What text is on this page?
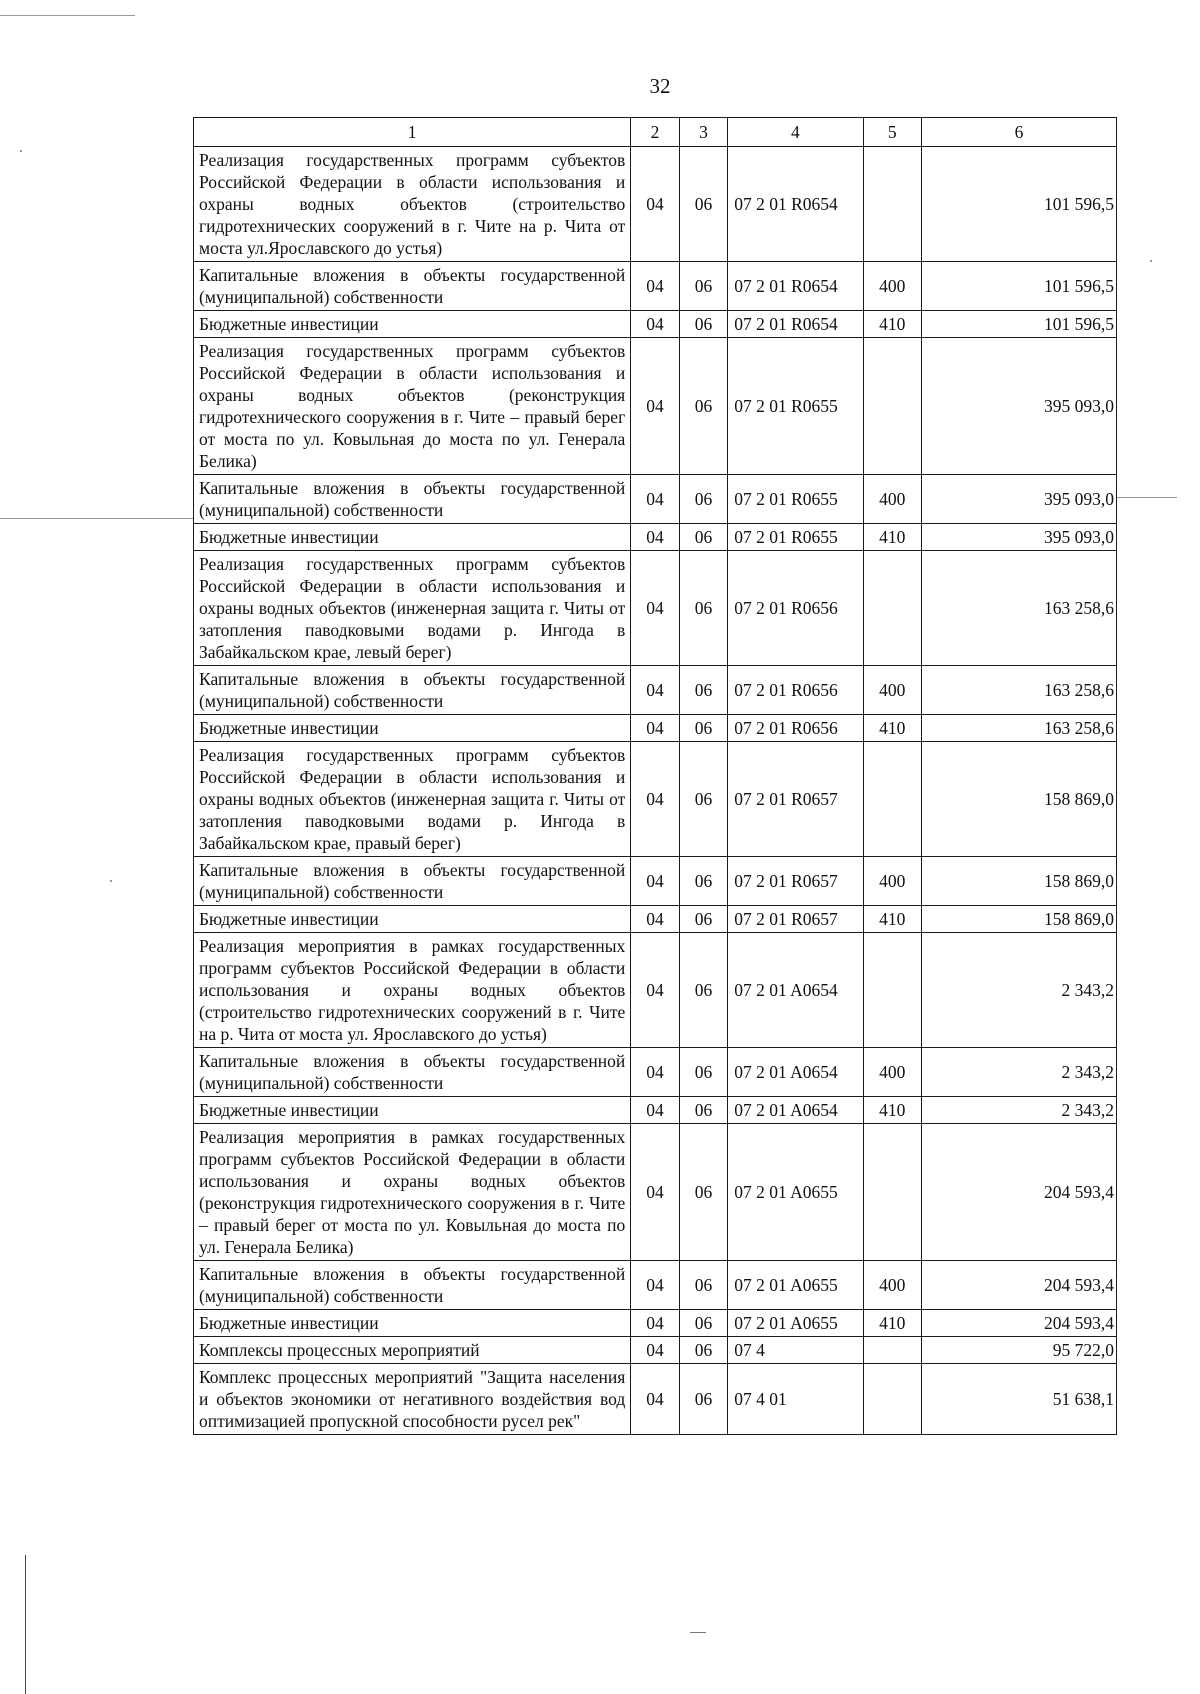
32
1	2	3	4	5	6
Реализация государственных программ субъектов Российской Федерации в области использования и охраны водных объектов (строительство гидротехнических сооружений в г. Чите на р. Чита от моста ул.Ярославского до устья)	04	06	07 2 01 R0654		101 596,5
Капитальные вложения в объекты государственной (муниципальной) собственности	04	06	07 2 01 R0654	400	101 596,5
Бюджетные инвестиции	04	06	07 2 01 R0654	410	101 596,5
Реализация государственных программ субъектов Российской Федерации в области использования и охраны водных объектов (реконструкция гидротехнического сооружения в г. Чите – правый берег от моста по ул. Ковыльная до моста по ул. Генерала Белика)	04	06	07 2 01 R0655		395 093,0
Капитальные вложения в объекты государственной (муниципальной) собственности	04	06	07 2 01 R0655	400	395 093,0
Бюджетные инвестиции	04	06	07 2 01 R0655	410	395 093,0
Реализация государственных программ субъектов Российской Федерации в области использования и охраны водных объектов (инженерная защита г. Читы от затопления паводковыми водами р. Ингода в Забайкальском крае, левый берег)	04	06	07 2 01 R0656		163 258,6
Капитальные вложения в объекты государственной (муниципальной) собственности	04	06	07 2 01 R0656	400	163 258,6
Бюджетные инвестиции	04	06	07 2 01 R0656	410	163 258,6
Реализация государственных программ субъектов Российской Федерации в области использования и охраны водных объектов (инженерная защита г. Читы от затопления паводковыми водами р. Ингода в Забайкальском крае, правый берег)	04	06	07 2 01 R0657		158 869,0
Капитальные вложения в объекты государственной (муниципальной) собственности	04	06	07 2 01 R0657	400	158 869,0
Бюджетные инвестиции	04	06	07 2 01 R0657	410	158 869,0
Реализация мероприятия в рамках государственных программ субъектов Российской Федерации в области использования и охраны водных объектов (строительство гидротехнических сооружений в г. Чите на р. Чита от моста ул. Ярославского до устья)	04	06	07 2 01 A0654		2 343,2
Капитальные вложения в объекты государственной (муниципальной) собственности	04	06	07 2 01 A0654	400	2 343,2
Бюджетные инвестиции	04	06	07 2 01 A0654	410	2 343,2
Реализация мероприятия в рамках государственных программ субъектов Российской Федерации в области использования и охраны водных объектов (реконструкция гидротехнического сооружения в г. Чите – правый берег от моста по ул. Ковыльная до моста по ул. Генерала Белика)	04	06	07 2 01 A0655		204 593,4
Капитальные вложения в объекты государственной (муниципальной) собственности	04	06	07 2 01 A0655	400	204 593,4
Бюджетные инвестиции	04	06	07 2 01 A0655	410	204 593,4
Комплексы процессных мероприятий	04	06	07 4		95 722,0
Комплекс процессных мероприятий "Защита населения и объектов экономики от негативного воздействия вод оптимизацией пропускной способности русел рек"	04	06	07 4 01		51 638,1
